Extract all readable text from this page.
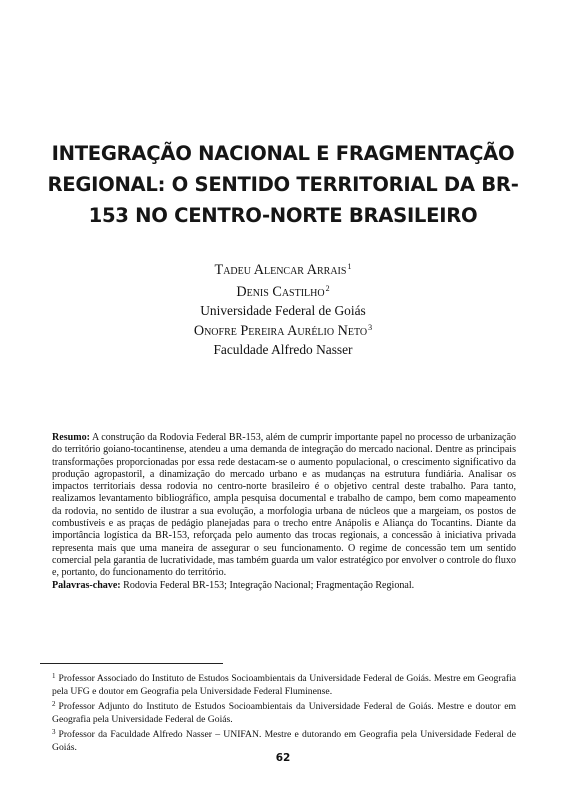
INTEGRAÇÃO NACIONAL E FRAGMENTAÇÃO
REGIONAL: O SENTIDO TERRITORIAL DA BR-
153 NO CENTRO-NORTE BRASILEIRO
Tadeu Alencar Arrais$^1$
Denis Castilho$^2$
Universidade Federal de Goiás
Onofre Pereira Aurélio Neto$^3$
Faculdade Alfredo Nasser

Resumo: A construção da Rodovia Federal BR-153, além de cumprir importante papel no processo de urbanização do território goiano-tocantinense, atendeu a uma demanda de integração do mercado nacional. Dentre as principais transformações proporcionadas por essa rede destacam-se o aumento populacional, o crescimento significativo da produção agropastoril, a dinamização do mercado urbano e as mudanças na estrutura fundiária. Analisar os impactos territoriais dessa rodovia no centro-norte brasileiro é o objetivo central deste trabalho. Para tanto, realizamos levantamento bibliográfico, ampla pesquisa documental e trabalho de campo, bem como mapeamento da rodovia, no sentido de ilustrar a sua evolução, a morfologia urbana de núcleos que a margeiam, os postos de combustíveis e as praças de pedágio planejadas para o trecho entre Anápolis e Aliança do Tocantins. Diante da importância logística da BR-153, reforçada pelo aumento das trocas regionais, a concessão à iniciativa privada representa mais que uma maneira de assegurar o seu funcionamento. O regime de concessão tem um sentido comercial pela garantia de lucratividade, mas também guarda um valor estratégico por envolver o controle do fluxo e, portanto, do funcionamento do território.

Palavras-chave: Rodovia Federal BR-153; Integração Nacional; Fragmentação Regional.

$^1$ Professor Associado do Instituto de Estudos Socioambientais da Universidade Federal de Goiás. Mestre em Geografia pela UFG e doutor em Geografia pela Universidade Federal Fluminense.

$^2$ Professor Adjunto do Instituto de Estudos Socioambientais da Universidade Federal de Goiás. Mestre e doutor em Geografia pela Universidade Federal de Goiás.

$^3$ Professor da Faculdade Alfredo Nasser – UNIFAN. Mestre e dutorando em Geografia pela Universidade Federal de Goiás.

62
